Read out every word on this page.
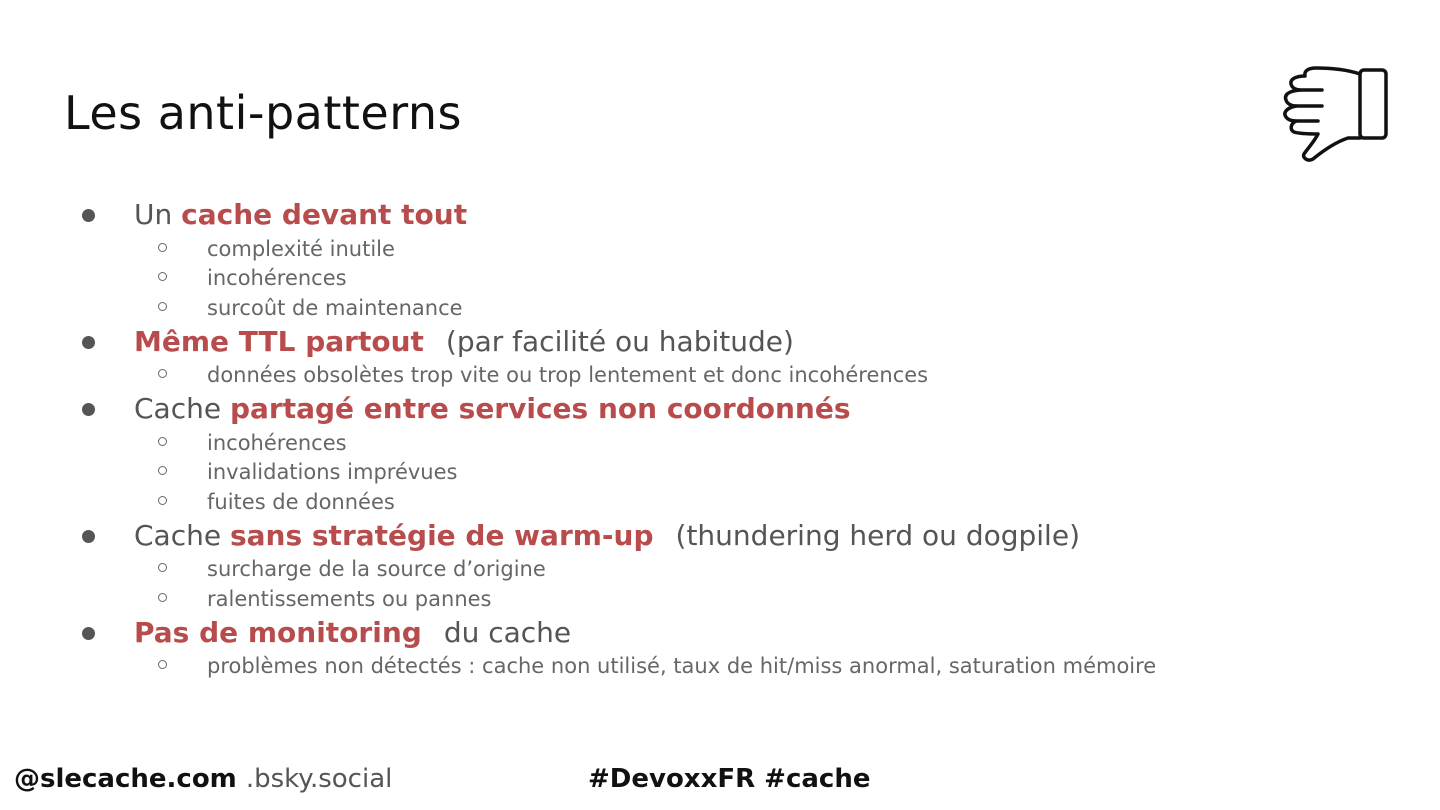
Les anti-patterns
Un cache devant tout
complexité inutile
incohérences
surcoût de maintenance
Même TTL partout (par facilité ou habitude)
données obsolètes trop vite ou trop lentement et donc incohérences
Cache partagé entre services non coordonnés
incohérences
invalidations imprévues
fuites de données
Cache sans stratégie de warm-up (thundering herd ou dogpile)
surcharge de la source d’origine
ralentissements ou pannes
Pas de monitoring du cache
problèmes non détectés : cache non utilisé, taux de hit/miss anormal, saturation mémoire
@slecache.com .bsky.social	#DevoxxFR #cache
